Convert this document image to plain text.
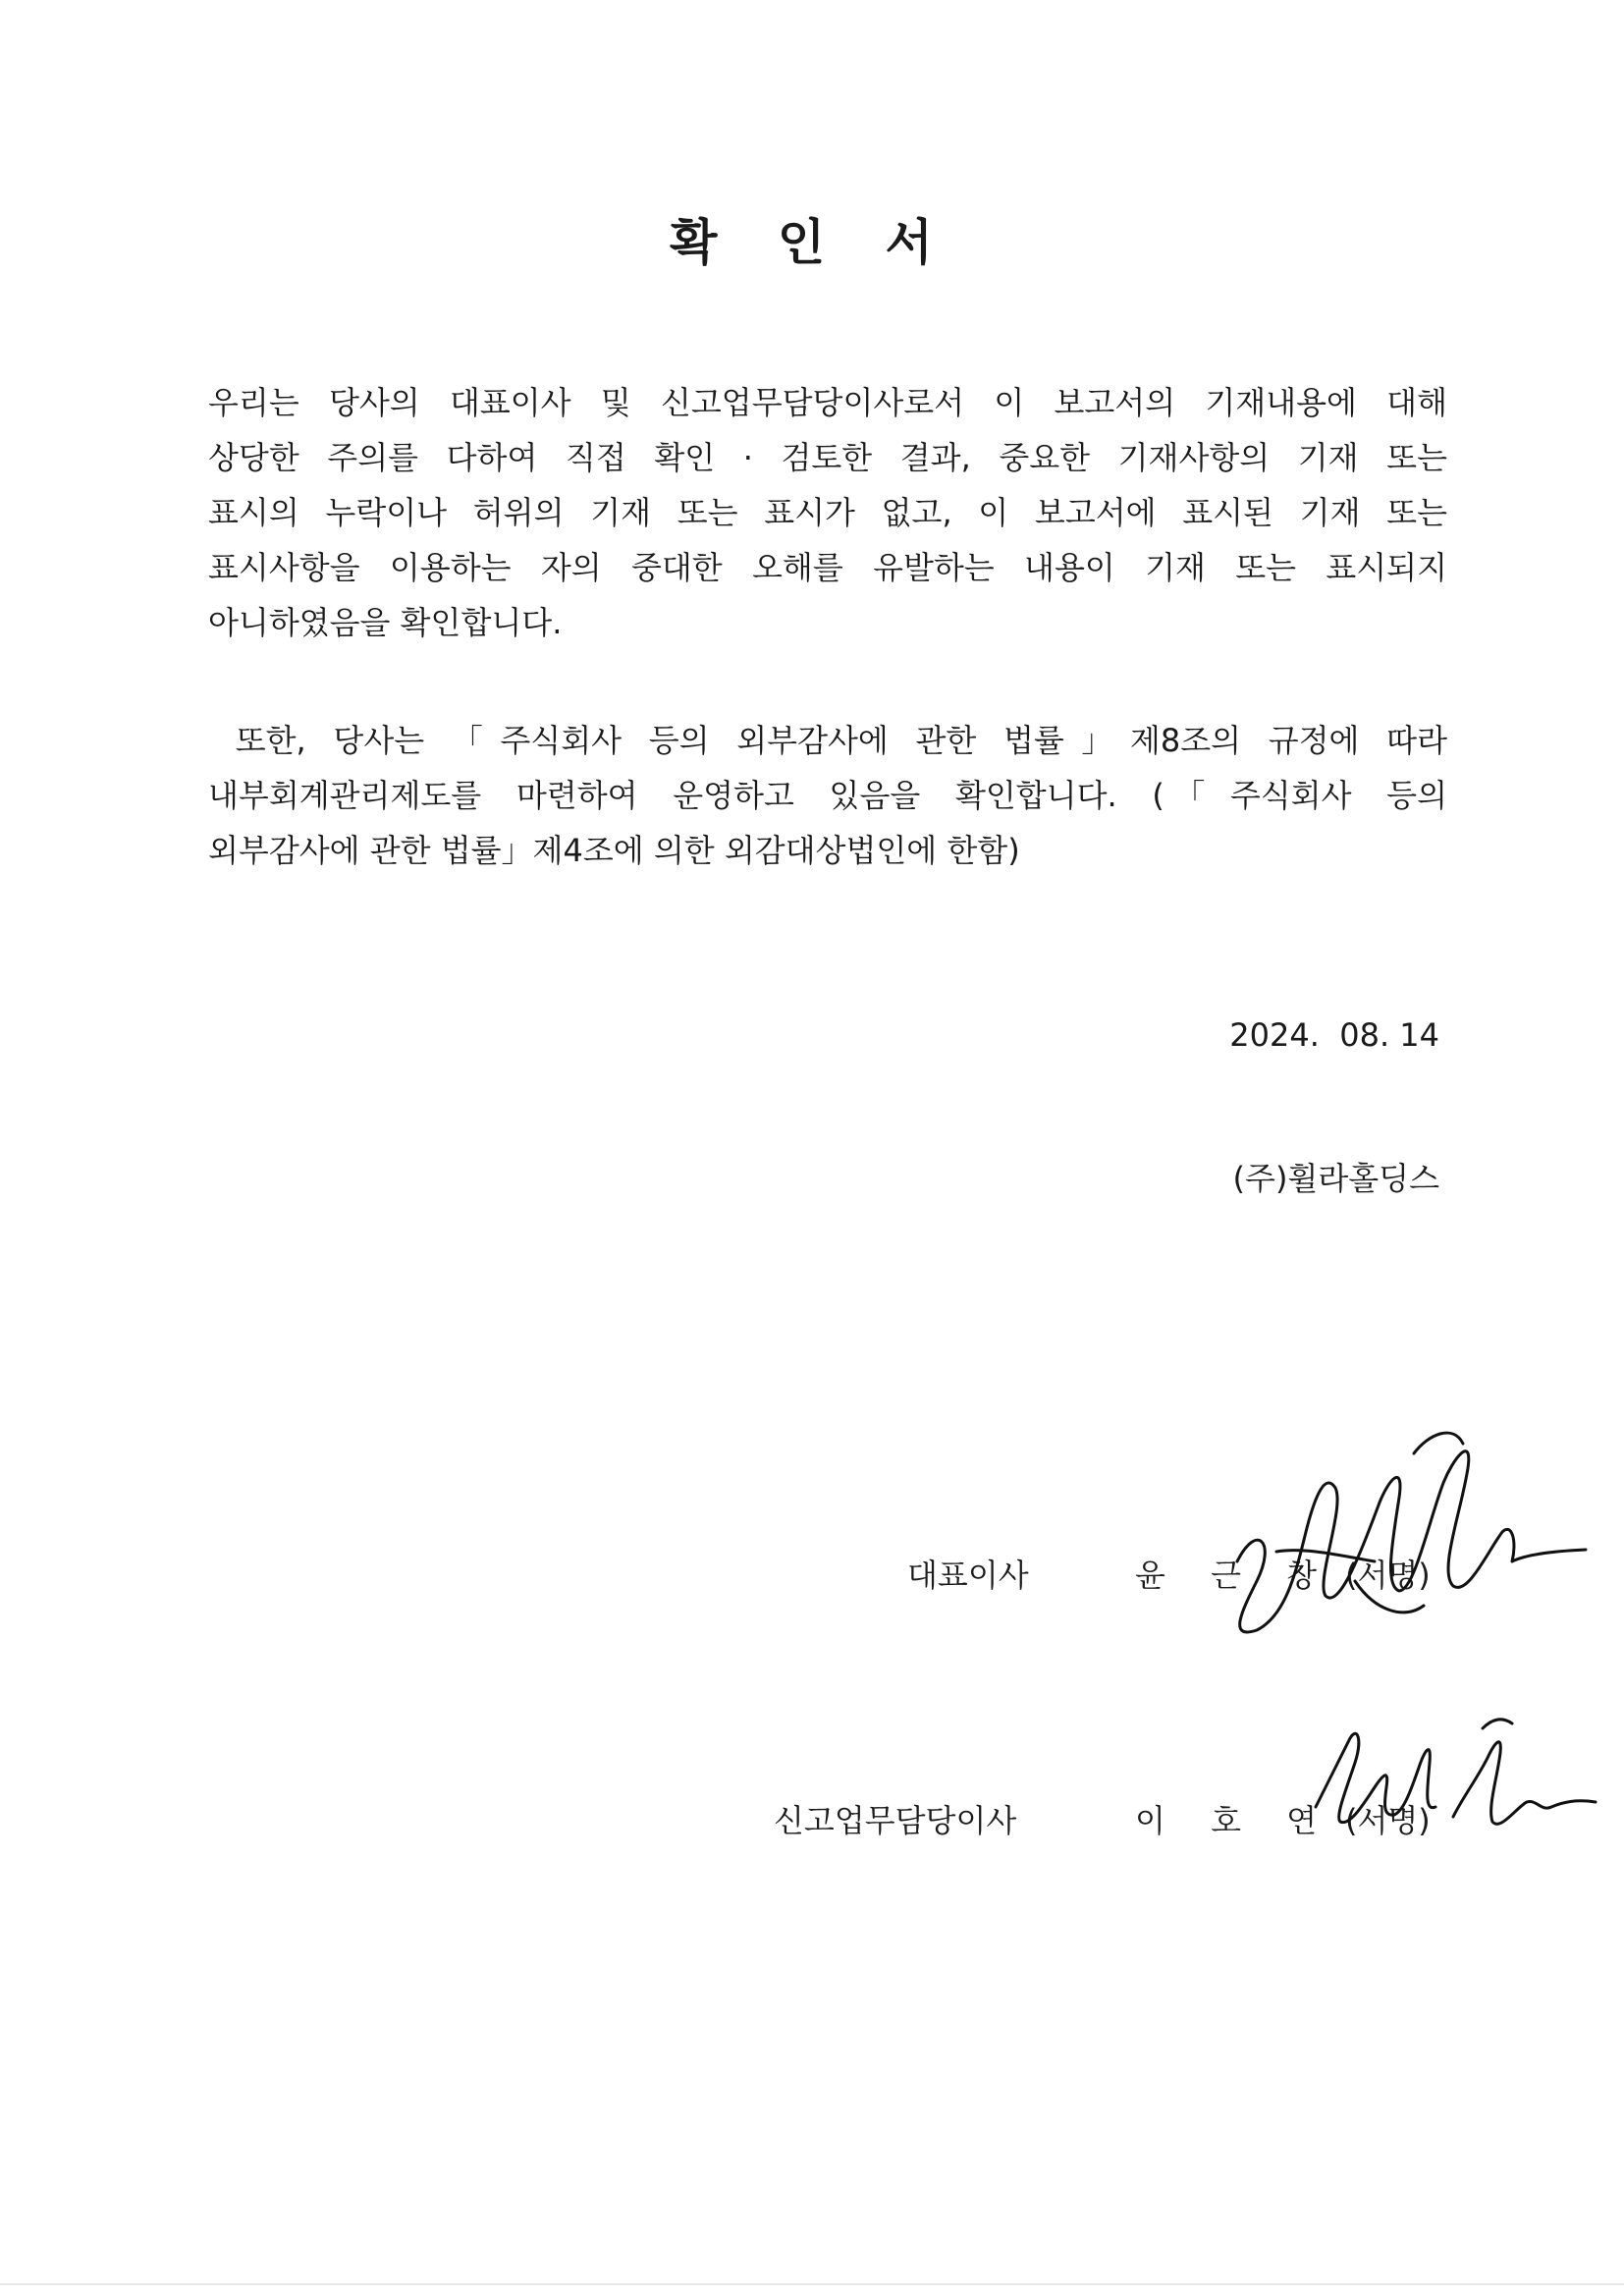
확 인 서
우리는 당사의 대표이사 및 신고업무담당이사로서 이 보고서의 기재내용에 대해
상당한 주의를 다하여 직접 확인 · 검토한 결과, 중요한 기재사항의 기재 또는
표시의 누락이나 허위의 기재 또는 표시가 없고, 이 보고서에 표시된 기재 또는
표시사항을 이용하는 자의 중대한 오해를 유발하는 내용이 기재 또는 표시되지
아니하였음을 확인합니다.
또한, 당사는 「주식회사 등의 외부감사에 관한 법률」제8조의 규정에 따라
내부회계관리제도를 마련하여 운영하고 있음을 확인합니다. (「주식회사 등의
외부감사에 관한 법률」제4조에 의한 외감대상법인에 한함)
2024.  08. 14
(주)휠라홀딩스
대표이사	윤 근 창 (서명)
신고업무담당이사	이 호 연 (서명)
